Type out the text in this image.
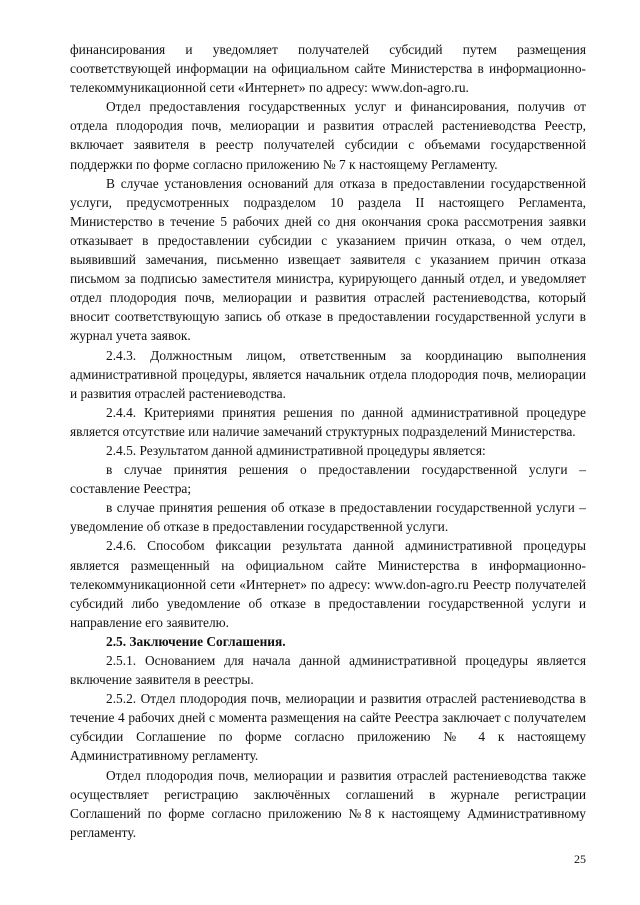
финансирования и уведомляет получателей субсидий путем размещения соответствующей информации на официальном сайте Министерства в информационно-телекоммуникационной сети «Интернет» по адресу: www.don-agro.ru.

Отдел предоставления государственных услуг и финансирования, получив от отдела плодородия почв, мелиорации и развития отраслей растениеводства Реестр, включает заявителя в реестр получателей субсидии с объемами государственной поддержки по форме согласно приложению № 7 к настоящему Регламенту.

В случае установления оснований для отказа в предоставлении государственной услуги, предусмотренных подразделом 10 раздела II настоящего Регламента, Министерство в течение 5 рабочих дней со дня окончания срока рассмотрения заявки отказывает в предоставлении субсидии с указанием причин отказа, о чем отдел, выявивший замечания, письменно извещает заявителя с указанием причин отказа письмом за подписью заместителя министра, курирующего данный отдел, и уведомляет отдел плодородия почв, мелиорации и развития отраслей растениеводства, который вносит соответствующую запись об отказе в предоставлении государственной услуги в журнал учета заявок.

2.4.3. Должностным лицом, ответственным за координацию выполнения административной процедуры, является начальник отдела плодородия почв, мелиорации и развития отраслей растениеводства.

2.4.4. Критериями принятия решения по данной административной процедуре является отсутствие или наличие замечаний структурных подразделений Министерства.

2.4.5. Результатом данной административной процедуры является:

в случае принятия решения о предоставлении государственной услуги – составление Реестра;

в случае принятия решения об отказе в предоставлении государственной услуги – уведомление об отказе в предоставлении государственной услуги.

2.4.6. Способом фиксации результата данной административной процедуры является размещенный на официальном сайте Министерства в информационно-телекоммуникационной сети «Интернет» по адресу: www.don-agro.ru Реестр получателей субсидий либо уведомление об отказе в предоставлении государственной услуги и направление его заявителю.

2.5. Заключение Соглашения.

2.5.1. Основанием для начала данной административной процедуры является включение заявителя в реестры.

2.5.2. Отдел плодородия почв, мелиорации и развития отраслей растениеводства в течение 4 рабочих дней с момента размещения на сайте Реестра заключает с получателем субсидии Соглашение по форме согласно приложению № 4 к настоящему Административному регламенту.

Отдел плодородия почв, мелиорации и развития отраслей растениеводства также осуществляет регистрацию заключённых соглашений в журнале регистрации Соглашений по форме согласно приложению №8 к настоящему Административному регламенту.

25
